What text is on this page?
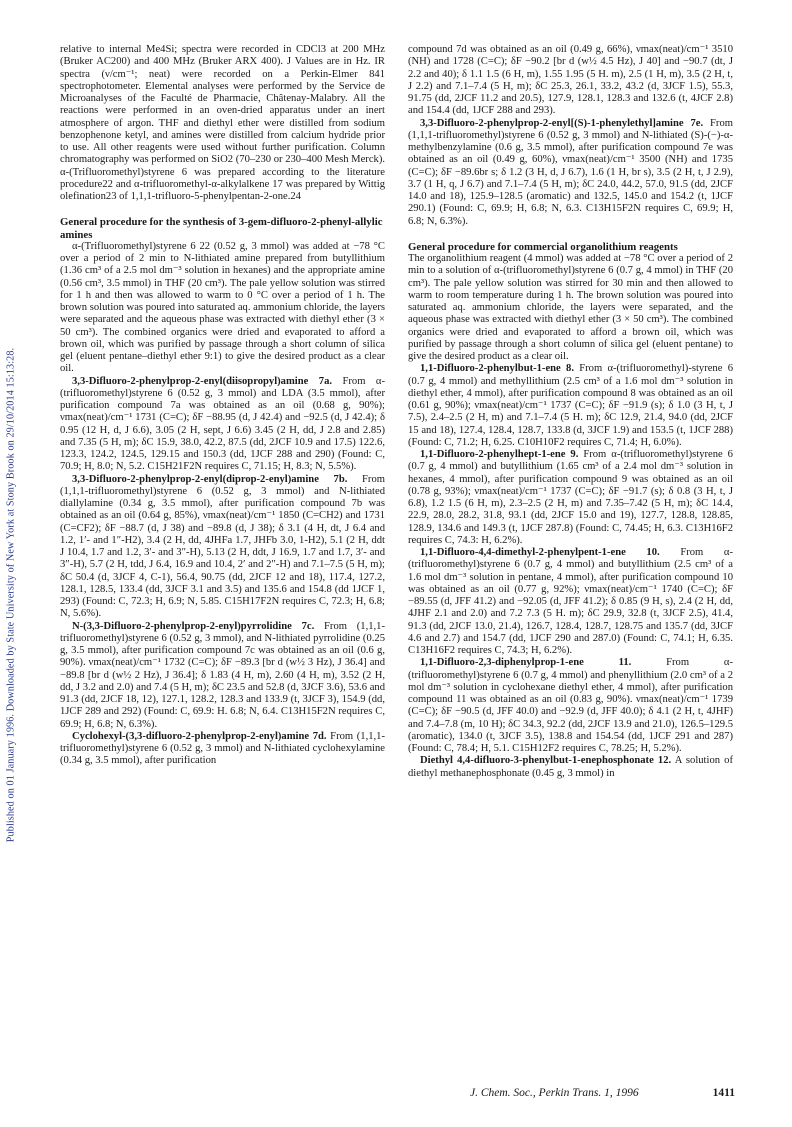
Published on 01 January 1996. Downloaded by State University of New York at Stony Brook on 29/10/2014 15:13:28.

relative to internal Me4Si; spectra were recorded in CDCl3 at 200 MHz (Bruker AC200) and 400 MHz (Bruker ARX 400). J Values are in Hz. IR spectra (ν/cm⁻¹; neat) were recorded on a Perkin-Elmer 841 spectrophotometer. Elemental analyses were performed by the Service de Microanalyses of the Faculté de Pharmacie, Châtenay-Malabry. All the reactions were performed in an oven-dried apparatus under an inert atmosphere of argon. THF and diethyl ether were distilled from sodium benzophenone ketyl, and amines were distilled from calcium hydride prior to use. All other reagents were used without further purification. Column chromatography was performed on SiO2 (70–230 or 230–400 Mesh Merck). α-(Trifluoromethyl)styrene 6 was prepared according to the literature procedure22 and α-trifluoromethyl-α-alkylalkene 17 was prepared by Wittig olefination23 of 1,1,1-trifluoro-5-phenylpentan-2-one.24

General procedure for the synthesis of 3-gem-difluoro-2-phenyl-allylic amines

α-(Trifluoromethyl)styrene 6 22 (0.52 g, 3 mmol) was added at −78 °C over a period of 2 min to N-lithiated amine prepared from butyllithium (1.36 cm³ of a 2.5 mol dm⁻³ solution in hexanes) and the appropriate amine (0.56 cm³, 3.5 mmol) in THF (20 cm³). The pale yellow solution was stirred for 1 h and then was allowed to warm to 0 °C over a period of 1 h. The brown solution was poured into saturated aq. ammonium chloride, the layers were separated and the aqueous phase was extracted with diethyl ether (3 × 50 cm³). The combined organics were dried and evaporated to afford a brown oil, which was purified by passage through a short column of silica gel (eluent pentane–diethyl ether 9:1) to give the desired product as a clear oil.

3,3-Difluoro-2-phenylprop-2-enyl(diisopropyl)amine 7a. From α-(trifluoromethyl)styrene 6 (0.52 g, 3 mmol) and LDA (3.5 mmol), after purification compound 7a was obtained as an oil (0.68 g, 90%); νmax(neat)/cm⁻¹ 1731 (C=C); δF −88.95 (d, J 42.4) and −92.5 (d, J 42.4); δ 0.95 (12 H, d, J 6.6), 3.05 (2 H, sept, J 6.6) 3.45 (2 H, dd, J 2.8 and 2.85) and 7.35 (5 H, m); δC 15.9, 38.0, 42.2, 87.5 (dd, 2JCF 10.9 and 17.5) 122.6, 123.3, 124.2, 124.5, 129.15 and 150.3 (dd, 1JCF 288 and 290) (Found: C, 70.9; H, 8.0; N, 5.2. C15H21F2N requires C, 71.15; H, 8.3; N, 5.5%).

3,3-Difluoro-2-phenylprop-2-enyl(diprop-2-enyl)amine 7b. From (1,1,1-trifluoromethyl)styrene 6 (0.52 g, 3 mmol) and N-lithiated diallylamine (0.34 g, 3.5 mmol), after purification compound 7b was obtained as an oil (0.64 g, 85%), νmax(neat)/cm⁻¹ 1850 (C=CH2) and 1731 (C=CF2); δF −88.7 (d, J 38) and −89.8 (d, J 38); δ 3.1 (4 H, dt, J 6.4 and 1.2, 1′- and 1″-H2), 3.4 (2 H, dd, 4JHFa 1.7, JHFb 3.0, 1-H2), 5.1 (2 H, ddt J 10.4, 1.7 and 1.2, 3′- and 3″-H), 5.13 (2 H, ddt, J 16.9, 1.7 and 1.7, 3′- and 3″-H), 5.7 (2 H, tdd, J 6.4, 16.9 and 10.4, 2′ and 2″-H) and 7.1–7.5 (5 H, m); δC 50.4 (d, 3JCF 4, C-1), 56.4, 90.75 (dd, 2JCF 12 and 18), 117.4, 127.2, 128.1, 128.5, 133.4 (dd, 3JCF 3.1 and 3.5) and 135.6 and 154.8 (dd 1JCF 1, 293) (Found: C, 72.3; H, 6.9; N, 5.85. C15H17F2N requires C, 72.3; H, 6.8; N, 5.6%).

N-(3,3-Difluoro-2-phenylprop-2-enyl)pyrrolidine 7c. From (1,1,1-trifluoromethyl)styrene 6 (0.52 g, 3 mmol), and N-lithiated pyrrolidine (0.25 g, 3.5 mmol), after purification compound 7c was obtained as an oil (0.6 g, 90%). νmax(neat)/cm⁻¹ 1732 (C=C); δF −89.3 [br d (w½ 3 Hz), J 36.4] and −89.8 [br d (w½ 2 Hz), J 36.4]; δ 1.83 (4 H, m), 2.60 (4 H, m), 3.52 (2 H, dd, J 3.2 and 2.0) and 7.4 (5 H, m); δC 23.5 and 52.8 (d, 3JCF 3.6), 53.6 and 91.3 (dd, 2JCF 18, 12), 127.1, 128.2, 128.3 and 133.9 (t, 3JCF 3), 154.9 (dd, 1JCF 289 and 292) (Found: C, 69.9: H. 6.8; N, 6.4. C13H15F2N requires C, 69.9; H, 6.8; N, 6.3%).

Cyclohexyl-(3,3-difluoro-2-phenylprop-2-enyl)amine 7d. From (1,1,1-trifluoromethyl)styrene 6 (0.52 g, 3 mmol) and N-lithiated cyclohexylamine (0.34 g, 3.5 mmol), after purification

compound 7d was obtained as an oil (0.49 g, 66%), νmax(neat)/cm⁻¹ 3510 (NH) and 1728 (C=C); δF −90.2 [br d (w½ 4.5 Hz), J 40] and −90.7 (dt, J 2.2 and 40); δ 1.1 1.5 (6 H, m), 1.55 1.95 (5 H. m), 2.5 (1 H, m), 3.5 (2 H, t, J 2.2) and 7.1–7.4 (5 H, m); δC 25.3, 26.1, 33.2, 43.2 (d, 3JCF 1.5), 55.3, 91.75 (dd, 2JCF 11.2 and 20.5), 127.9, 128.1, 128.3 and 132.6 (t, 4JCF 2.8) and 154.4 (dd, 1JCF 288 and 293).

3,3-Difluoro-2-phenylprop-2-enyl[(S)-1-phenylethyl]amine 7e. From (1,1,1-trifluoromethyl)styrene 6 (0.52 g, 3 mmol) and N-lithiated (S)-(−)-α-methylbenzylamine (0.6 g, 3.5 mmol), after purification compound 7e was obtained as an oil (0.49 g, 60%), νmax(neat)/cm⁻¹ 3500 (NH) and 1735 (C=C); δF −89.6br s; δ 1.2 (3 H, d, J 6.7), 1.6 (1 H, br s), 3.5 (2 H, t, J 2.9), 3.7 (1 H, q, J 6.7) and 7.1–7.4 (5 H, m); δC 24.0, 44.2, 57.0, 91.5 (dd, 2JCF 14.0 and 18), 125.9–128.5 (aromatic) and 132.5, 145.0 and 154.2 (t, 1JCF 290.1) (Found: C, 69.9; H, 6.8; N, 6.3. C13H15F2N requires C, 69.9; H, 6.8; N, 6.3%).

General procedure for commercial organolithium reagents

The organolithium reagent (4 mmol) was added at −78 °C over a period of 2 min to a solution of α-(trifluoromethyl)styrene 6 (0.7 g, 4 mmol) in THF (20 cm³). The pale yellow solution was stirred for 30 min and then allowed to warm to room temperature during 1 h. The brown solution was poured into saturated aq. ammonium chloride, the layers were separated, and the aqueous phase was extracted with diethyl ether (3 × 50 cm³). The combined organics were dried and evaporated to afford a brown oil, which was purified by passage through a short column of silica gel (eluent pentane) to give the desired product as a clear oil.

1,1-Difluoro-2-phenylbut-1-ene 8. From α-(trifluoromethyl)-styrene 6 (0.7 g, 4 mmol) and methyllithium (2.5 cm³ of a 1.6 mol dm⁻³ solution in diethyl ether, 4 mmol), after purification compound 8 was obtained as an oil (0.61 g, 90%); νmax(neat)/cm⁻¹ 1737 (C=C); δF −91.9 (s); δ 1.0 (3 H, t, J 7.5), 2.4–2.5 (2 H, m) and 7.1–7.4 (5 H. m); δC 12.9, 21.4, 94.0 (dd, 2JCF 15 and 18), 127.4, 128.4, 128.7, 133.8 (d, 3JCF 1.9) and 153.5 (t, 1JCF 288) (Found: C, 71.2; H, 6.25. C10H10F2 requires C, 71.4; H, 6.0%).

1,1-Difluoro-2-phenylhept-1-ene 9. From α-(trifluoromethyl)styrene 6 (0.7 g, 4 mmol) and butyllithium (1.65 cm³ of a 2.4 mol dm⁻³ solution in hexanes, 4 mmol), after purification compound 9 was obtained as an oil (0.78 g, 93%); νmax(neat)/cm⁻¹ 1737 (C=C); δF −91.7 (s); δ 0.8 (3 H, t, J 6.8), 1.2 1.5 (6 H, m), 2.3–2.5 (2 H, m) and 7.35–7.42 (5 H, m); δC 14.4, 22.9, 28.0, 28.2, 31.8, 93.1 (dd, 2JCF 15.0 and 19), 127.7, 128.8, 128.85, 128.9, 134.6 and 149.3 (t, 1JCF 287.8) (Found: C, 74.45; H, 6.3. C13H16F2 requires C, 74.3: H, 6.2%).

1,1-Difluoro-4,4-dimethyl-2-phenylpent-1-ene 10. From α-(trifluoromethyl)styrene 6 (0.7 g, 4 mmol) and butyllithium (2.5 cm³ of a 1.6 mol dm⁻³ solution in pentane, 4 mmol), after purification compound 10 was obtained as an oil (0.77 g, 92%); νmax(neat)/cm⁻¹ 1740 (C=C); δF −89.55 (d, JFF 41.2) and −92.05 (d, JFF 41.2); δ 0.85 (9 H, s), 2.4 (2 H, dd, 4JHF 2.1 and 2.0) and 7.2 7.3 (5 H. m); δC 29.9, 32.8 (t, 3JCF 2.5), 41.4, 91.3 (dd, 2JCF 13.0, 21.4), 126.7, 128.4, 128.7, 128.75 and 135.7 (dd, 3JCF 4.6 and 2.7) and 154.7 (dd, 1JCF 290 and 287.0) (Found: C, 74.1; H, 6.35. C13H16F2 requires C, 74.3; H, 6.2%).

1,1-Difluoro-2,3-diphenylprop-1-ene 11.	From α-(trifluoromethyl)styrene 6 (0.7 g, 4 mmol) and phenyllithium (2.0 cm³ of a 2 mol dm⁻³ solution in cyclohexane diethyl ether, 4 mmol), after purification compound 11 was obtained as an oil (0.83 g, 90%). νmax(neat)/cm⁻¹ 1739 (C=C); δF −90.5 (d, JFF 40.0) and −92.9 (d, JFF 40.0); δ 4.1 (2 H, t, 4JHF) and 7.4–7.8 (m, 10 H); δC 34.3, 92.2 (dd, 2JCF 13.9 and 21.0), 126.5–129.5 (aromatic), 134.0 (t, 3JCF 3.5), 138.8 and 154.54 (dd, 1JCF 291 and 287) (Found: C, 78.4; H, 5.1. C15H12F2 requires C, 78.25; H, 5.2%).

Diethyl 4,4-difluoro-3-phenylbut-1-enephosphonate 12. A solution of diethyl methanephosphonate (0.45 g, 3 mmol) in

J. Chem. Soc., Perkin Trans. 1, 1996	1411
